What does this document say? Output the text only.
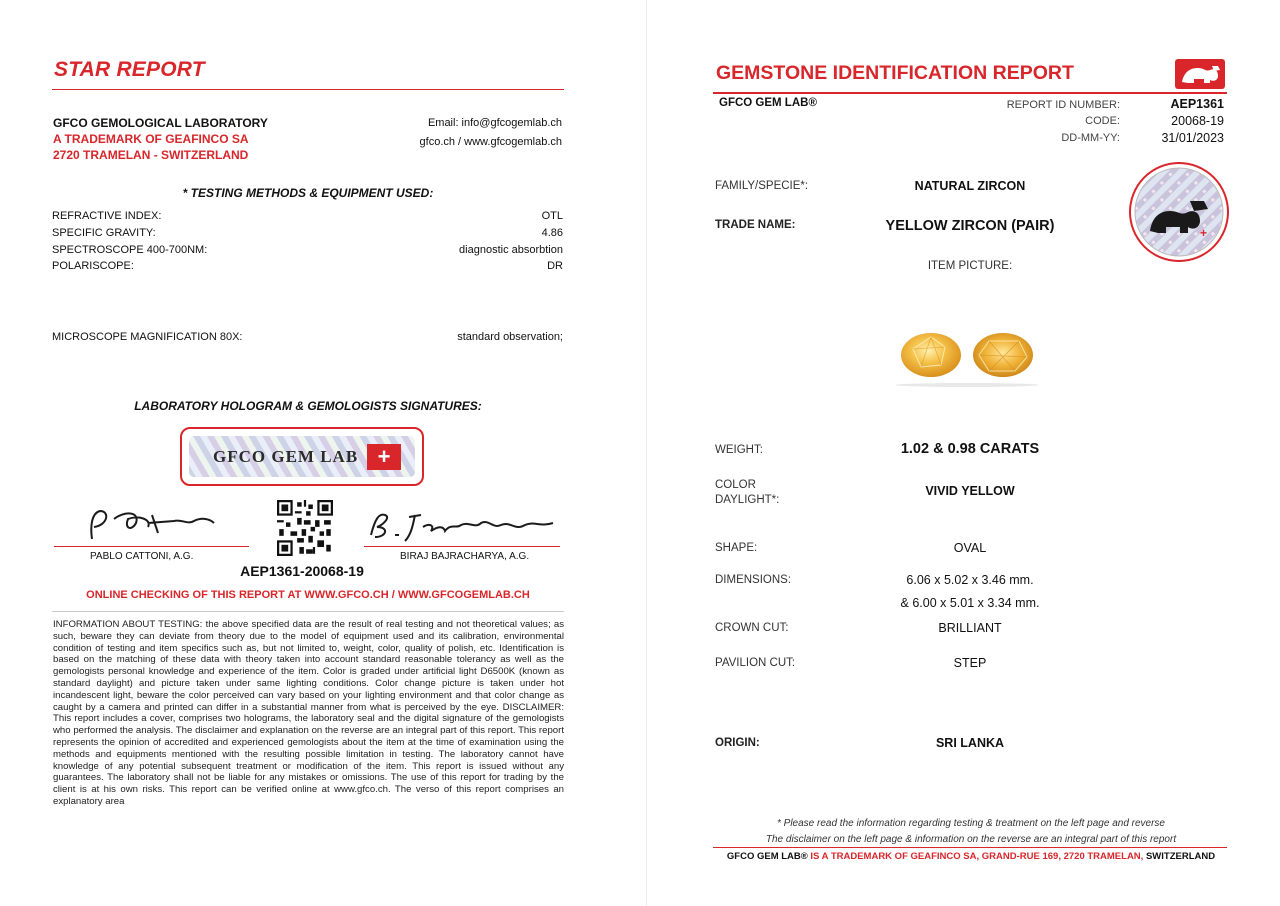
STAR REPORT
GFCO GEMOLOGICAL LABORATORY
A TRADEMARK OF GEAFINCO SA
2720 TRAMELAN - SWITZERLAND
Email: info@gfcogemlab.ch
gfco.ch / www.gfcogemlab.ch
* TESTING METHODS & EQUIPMENT USED:
REFRACTIVE INDEX:	OTL
SPECIFIC GRAVITY:	4.86
SPECTROSCOPE 400-700NM:	diagnostic absorbtion
POLARISCOPE:	DR
MICROSCOPE MAGNIFICATION 80X:	standard observation;
LABORATORY HOLOGRAM & GEMOLOGISTS SIGNATURES:
GFCO GEM LAB +
PABLO CATTONI, A.G.	BIRAJ BAJRACHARYA, A.G.
AEP1361-20068-19
ONLINE CHECKING OF THIS REPORT AT WWW.GFCO.CH / WWW.GFCOGEMLAB.CH
INFORMATION ABOUT TESTING: the above specified data are the result of real testing and not theoretical values; as such, beware they can deviate from theory due to the model of equipment used and its calibration, environmental condition of testing and item specifics such as, but not limited to, weight, color, quality of polish, etc. Identification is based on the matching of these data with theory taken into account standard reasonable tolerancy as well as the gemologists personal knowledge and experience of the item. Color is graded under artificial light D6500K (known as standard daylight) and picture taken under same lighting conditions. Color change picture is taken under hot incandescent light, beware the color perceived can vary based on your lighting environment and that color change as caught by a camera and printed can differ in a substantial manner from what is perceived by the eye. DISCLAIMER: This report includes a cover, comprises two holograms, the laboratory seal and the digital signature of the gemologists who performed the analysis. The disclaimer and explanation on the reverse are an integral part of this report. This report represents the opinion of accredited and experienced gemologists about the item at the time of examination using the methods and equipments mentioned with the resulting possible limitation in testing. The laboratory cannot have knowledge of any potential subsequent treatment or modification of the item. This report is issued without any guarantees. The laboratory shall not be liable for any mistakes or omissions. The use of this report for trading by the client is at his own risks. This report can be verified online at www.gfco.ch. The verso of this report comprises an explanatory area
GEMSTONE IDENTIFICATION REPORT
GFCO GEM LAB®	REPORT ID NUMBER:	AEP1361
CODE:	20068-19
DD-MM-YY:	31/01/2023
+
FAMILY/SPECIE*:	NATURAL ZIRCON
TRADE NAME:	YELLOW ZIRCON (PAIR)
ITEM PICTURE:
WEIGHT:	1.02 & 0.98 CARATS
COLOR
DAYLIGHT*:
VIVID YELLOW
SHAPE:	OVAL
DIMENSIONS:	6.06 x 5.02 x 3.46 mm.
& 6.00 x 5.01 x 3.34 mm.
CROWN CUT:	BRILLIANT
PAVILION CUT:	STEP
ORIGIN:	SRI LANKA
* Please read the information regarding testing & treatment on the left page and reverse
The disclaimer on the left page & information on the reverse are an integral part of this report
GFCO GEM LAB® IS A TRADEMARK OF GEAFINCO SA, GRAND-RUE 169, 2720 TRAMELAN, SWITZERLAND
